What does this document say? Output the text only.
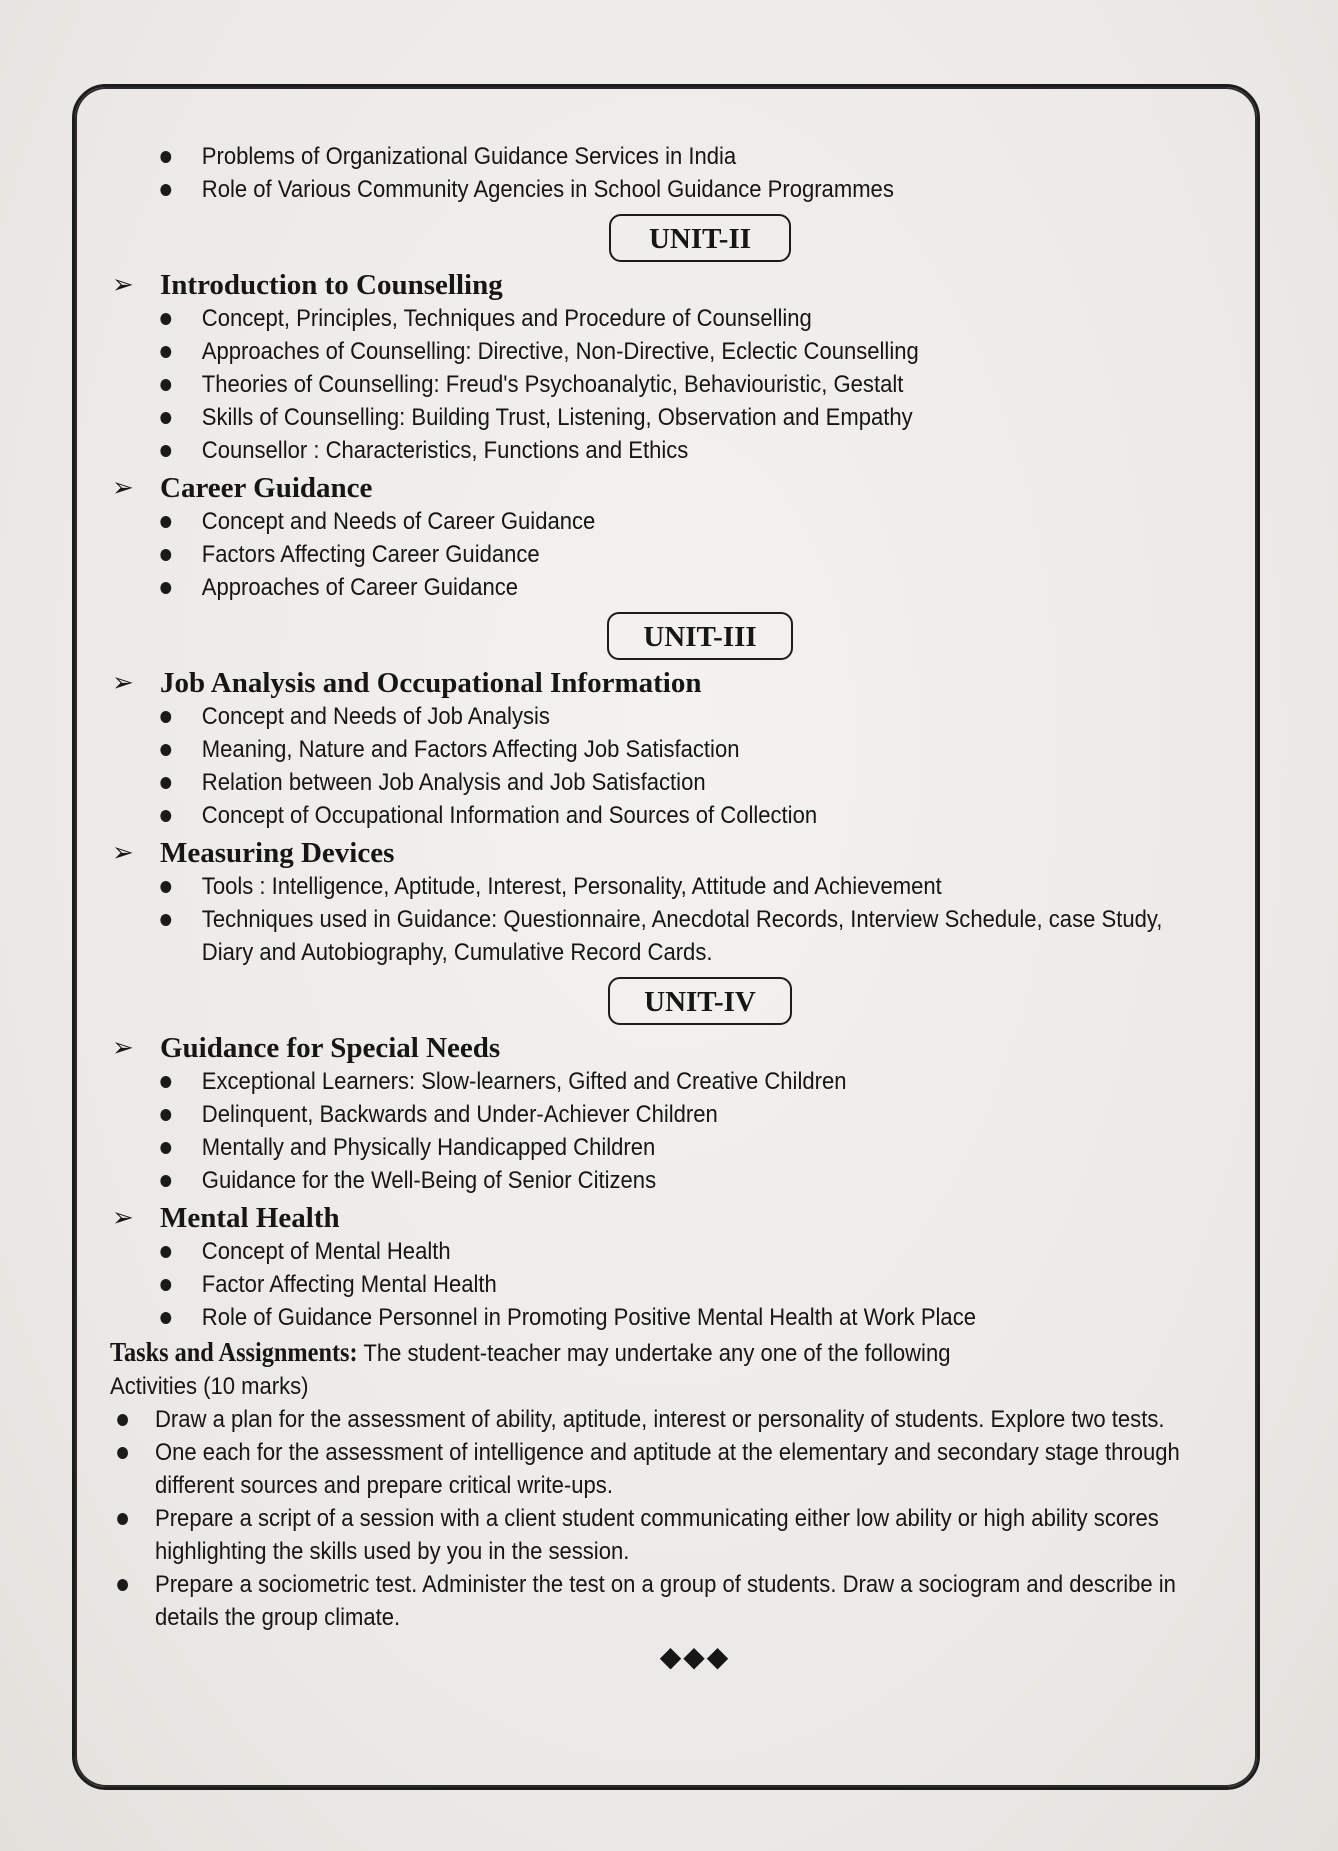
Problems of Organizational Guidance Services in India
Role of Various Community Agencies in School Guidance Programmes
UNIT-II
➢ Introduction to Counselling
Concept, Principles, Techniques and Procedure of Counselling
Approaches of Counselling: Directive, Non-Directive, Eclectic Counselling
Theories of Counselling: Freud's Psychoanalytic, Behaviouristic, Gestalt
Skills of Counselling: Building Trust, Listening, Observation and Empathy
Counsellor : Characteristics, Functions and Ethics
➢ Career Guidance
Concept and Needs of Career Guidance
Factors Affecting Career Guidance
Approaches of Career Guidance
UNIT-III
➢ Job Analysis and Occupational Information
Concept and Needs of Job Analysis
Meaning, Nature and Factors Affecting Job Satisfaction
Relation between Job Analysis and Job Satisfaction
Concept of Occupational Information and Sources of Collection
➢ Measuring Devices
Tools : Intelligence, Aptitude, Interest, Personality, Attitude and Achievement
Techniques used in Guidance: Questionnaire, Anecdotal Records, Interview Schedule, case Study,
Diary and Autobiography, Cumulative Record Cards.
UNIT-IV
➢ Guidance for Special Needs
Exceptional Learners: Slow-learners, Gifted and Creative Children
Delinquent, Backwards and Under-Achiever Children
Mentally and Physically Handicapped Children
Guidance for the Well-Being of Senior Citizens
➢ Mental Health
Concept of Mental Health
Factor Affecting Mental Health
Role of Guidance Personnel in Promoting Positive Mental Health at Work Place
Tasks and Assignments: The student-teacher may undertake any one of the following
Activities (10 marks)
Draw a plan for the assessment of ability, aptitude, interest or personality of students. Explore two tests.
One each for the assessment of intelligence and aptitude at the elementary and secondary stage through
different sources and prepare critical write-ups.
Prepare a script of a session with a client student communicating either low ability or high ability scores
highlighting the skills used by you in the session.
Prepare a sociometric test. Administer the test on a group of students. Draw a sociogram and describe in
details the group climate.
◆◆◆
